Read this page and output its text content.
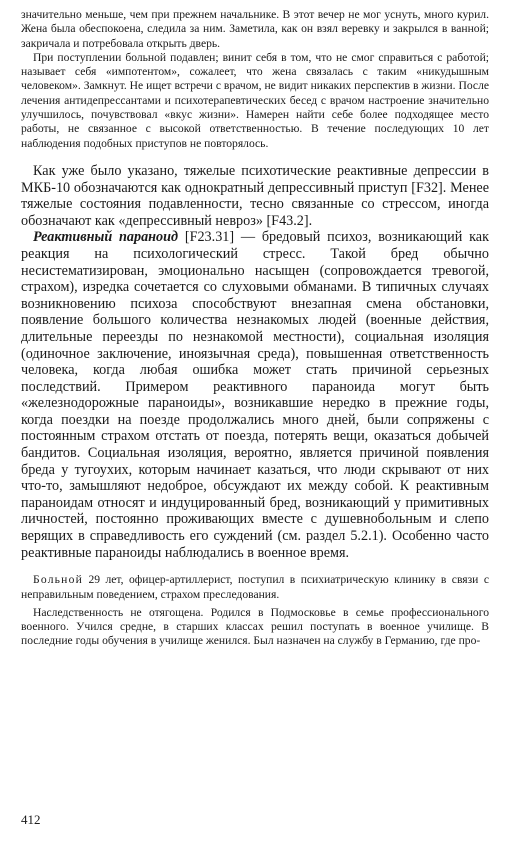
значительно меньше, чем при прежнем начальнике. В этот вечер не мог уснуть, много курил. Жена была обеспокоена, следила за ним. Заметила, как он взял веревку и закрылся в ванной; закричала и потребовала открыть дверь.

При поступлении больной подавлен; винит себя в том, что не смог справиться с работой; называет себя «импотентом», сожалеет, что жена связалась с таким «никудышным человеком». Замкнут. Не ищет встречи с врачом, не видит никаких перспектив в жизни. После лечения антидепрессантами и психотерапевтических бесед с врачом настроение значительно улучшилось, почувствовал «вкус жизни». Намерен найти себе более подходящее место работы, не связанное с высокой ответственностью. В течение последующих 10 лет наблюдения подобных приступов не повторялось.

Как уже было указано, тяжелые психотические реактивные депрессии в МКБ-10 обозначаются как однократный депрессивный приступ [F32]. Менее тяжелые состояния подавленности, тесно связанные со стрессом, иногда обозначают как «депрессивный невроз» [F43.2].

Реактивный параноид [F23.31] — бредовый психоз, возникающий как реакция на психологический стресс. Такой бред обычно несистематизирован, эмоционально насыщен (сопровождается тревогой, страхом), изредка сочетается со слуховыми обманами. В типичных случаях возникновению психоза способствуют внезапная смена обстановки, появление большого количества незнакомых людей (военные действия, длительные переезды по незнакомой местности), социальная изоляция (одиночное заключение, иноязычная среда), повышенная ответственность человека, когда любая ошибка может стать причиной серьезных последствий. Примером реактивного параноида могут быть «железнодорожные параноиды», возникавшие нередко в прежние годы, когда поездки на поезде продолжались много дней, были сопряжены с постоянным страхом отстать от поезда, потерять вещи, оказаться добычей бандитов. Социальная изоляция, вероятно, является причиной появления бреда у тугоухих, которым начинает казаться, что люди скрывают от них что-то, замышляют недоброе, обсуждают их между собой. К реактивным параноидам относят и индуцированный бред, возникающий у примитивных личностей, постоянно проживающих вместе с душевнобольным и слепо верящих в справедливость его суждений (см. раздел 5.2.1). Особенно часто реактивные параноиды наблюдались в военное время.

Больной 29 лет, офицер-артиллерист, поступил в психиатрическую клинику в связи с неправильным поведением, страхом преследования.

Наследственность не отягощена. Родился в Подмосковье в семье профессионального военного. Учился средне, в старших классах решил поступать в военное училище. В последние годы обучения в училище женился. Был назначен на службу в Германию, где про-

412
